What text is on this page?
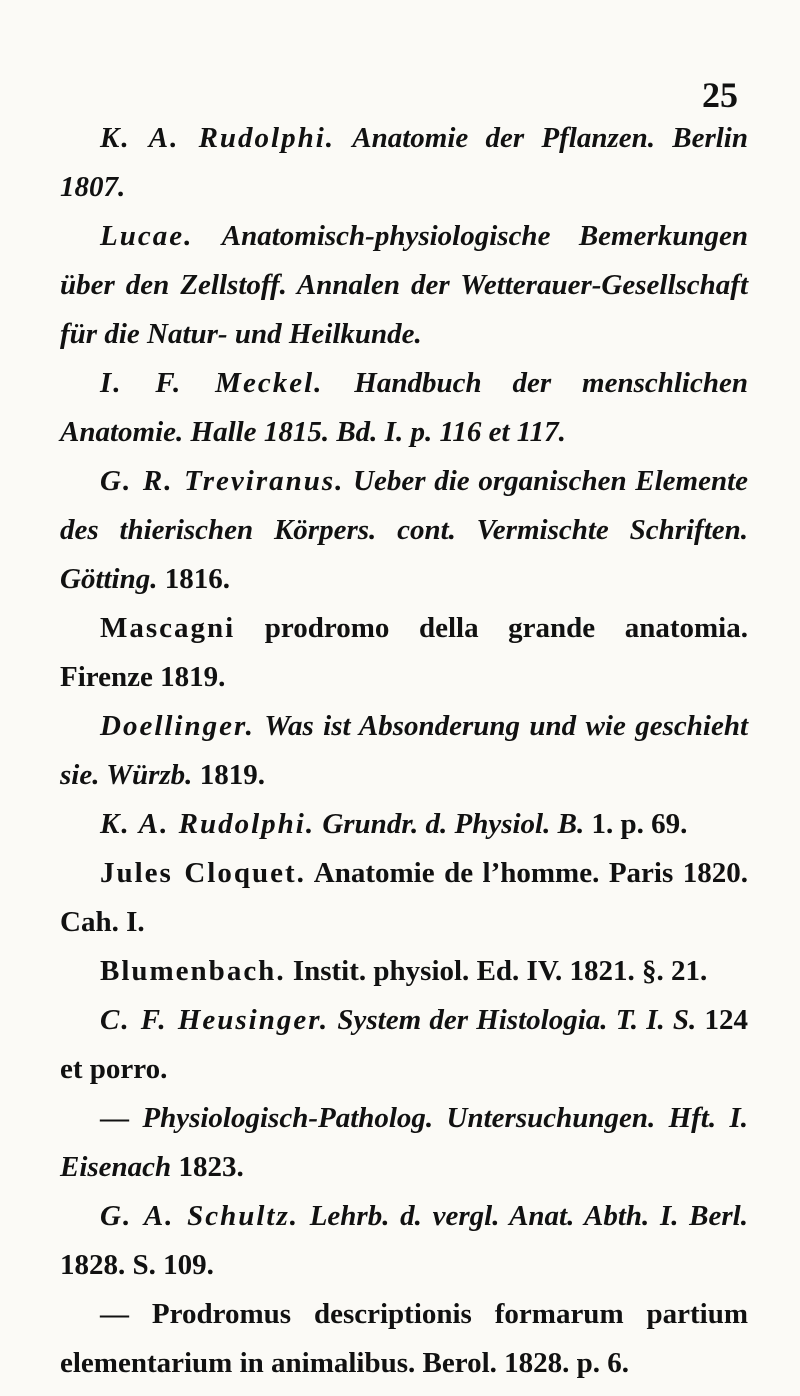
25

K. A. Rudolphi. Anatomie der Pflanzen. Berlin 1807.

Lucae. Anatomisch-physiologische Bemerkungen über den Zellstoff. Annalen der Wetterauer-Gesellschaft für die Natur- und Heilkunde.

I. F. Meckel. Handbuch der menschlichen Anatomie. Halle 1815. Bd. I. p. 116 et 117.

G. R. Treviranus. Ueber die organischen Elemente des thierischen Körpers. cont. Vermischte Schriften. Götting. 1816.

Mascagni prodromo della grande anatomia. Firenze 1819.

Doellinger. Was ist Absonderung und wie geschieht sie. Würzb. 1819.

K. A. Rudolphi. Grundr. d. Physiol. B. 1. p. 69.

Jules Cloquet. Anatomie de l’homme. Paris 1820. Cah. I.

Blumenbach. Instit. physiol. Ed. IV. 1821. §. 21.

C. F. Heusinger. System der Histologia. T. I. S. 124 et porro.

— Physiologisch-Patholog. Untersuchungen. Hft. I. Eisenach 1823.

G. A. Schultz. Lehrb. d. vergl. Anat. Abth. I. Berl. 1828. S. 109.

— Prodromus descriptionis formarum partium elementarium in animalibus. Berol. 1828. p. 6.
